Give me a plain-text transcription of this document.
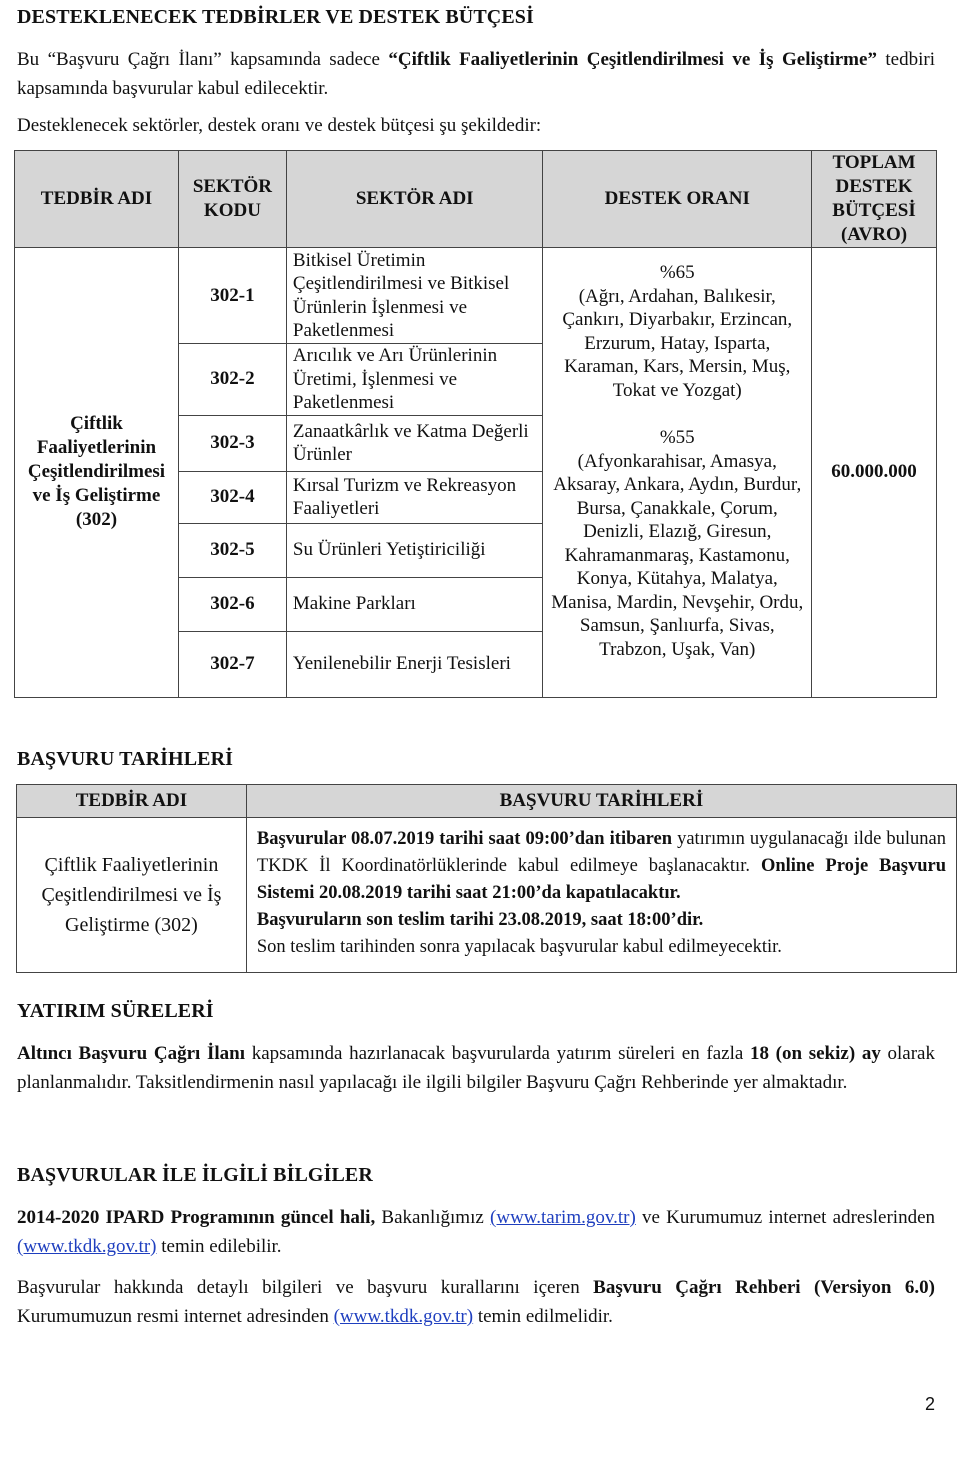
DESTEKLENECEK TEDBİRLER VE DESTEK BÜTÇESİ

Bu “Başvuru Çağrı İlanı” kapsamında sadece “Çiftlik Faaliyetlerinin Çeşitlendirilmesi ve İş Geliştirme” tedbiri kapsamında başvurular kabul edilecektir.

Desteklenecek sektörler, destek oranı ve destek bütçesi şu şekildedir:

TEDBİR ADI	SEKTÖR KODU	SEKTÖR ADI	DESTEK ORANI	TOPLAM DESTEK BÜTÇESİ (AVRO)
Çiftlik Faaliyetlerinin Çeşitlendirilmesi ve İş Geliştirme (302)	302-1	Bitkisel Üretimin Çeşitlendirilmesi ve Bitkisel Ürünlerin İşlenmesi ve Paketlenmesi	%65
(Ağrı, Ardahan, Balıkesir, Çankırı, Diyarbakır, Erzincan, Erzurum, Hatay, Isparta, Karaman, Kars, Mersin, Muş, Tokat ve Yozgat)
%55
(Afyonkarahisar, Amasya, Aksaray, Ankara, Aydın, Burdur, Bursa, Çanakkale, Çorum, Denizli, Elazığ, Giresun, Kahramanmaraş, Kastamonu, Konya, Kütahya, Malatya, Manisa, Mardin, Nevşehir, Ordu, Samsun, Şanlıurfa, Sivas, Trabzon, Uşak, Van)	60.000.000
	302-2	Arıcılık ve Arı Ürünlerinin Üretimi, İşlenmesi ve Paketlenmesi		
	302-3	Zanaatkârlık ve Katma Değerli Ürünler		
	302-4	Kırsal Turizm ve Rekreasyon Faaliyetleri		
	302-5	Su Ürünleri Yetiştiriciliği		
	302-6	Makine Parkları		
	302-7	Yenilenebilir Enerji Tesisleri		
BAŞVURU TARİHLERİ
TEDBİR ADI	BAŞVURU TARİHLERİ
Çiftlik Faaliyetlerinin Çeşitlendirilmesi ve İş Geliştirme (302)	Başvurular 08.07.2019 tarihi saat 09:00’dan itibaren yatırımın uygulanacağı ilde bulunan TKDK İl Koordinatörlüklerinde kabul edilmeye başlanacaktır. Online Proje Başvuru Sistemi 20.08.2019 tarihi saat 21:00’da kapatılacaktır.
Başvuruların son teslim tarihi 23.08.2019, saat 18:00’dir.
Son teslim tarihinden sonra yapılacak başvurular kabul edilmeyecektir.
YATIRIM SÜRELERİ

Altıncı Başvuru Çağrı İlanı kapsamında hazırlanacak başvurularda yatırım süreleri en fazla 18 (on sekiz) ay olarak planlanmalıdır. Taksitlendirmenin nasıl yapılacağı ile ilgili bilgiler Başvuru Çağrı Rehberinde yer almaktadır.

BAŞVURULAR İLE İLGİLİ BİLGİLER

2014-2020 IPARD Programının güncel hali, Bakanlığımız (www.tarim.gov.tr) ve Kurumumuz internet adreslerinden (www.tkdk.gov.tr) temin edilebilir.

Başvurular hakkında detaylı bilgileri ve başvuru kurallarını içeren Başvuru Çağrı Rehberi (Versiyon 6.0) Kurumumuzun resmi internet adresinden (www.tkdk.gov.tr) temin edilmelidir.

2
